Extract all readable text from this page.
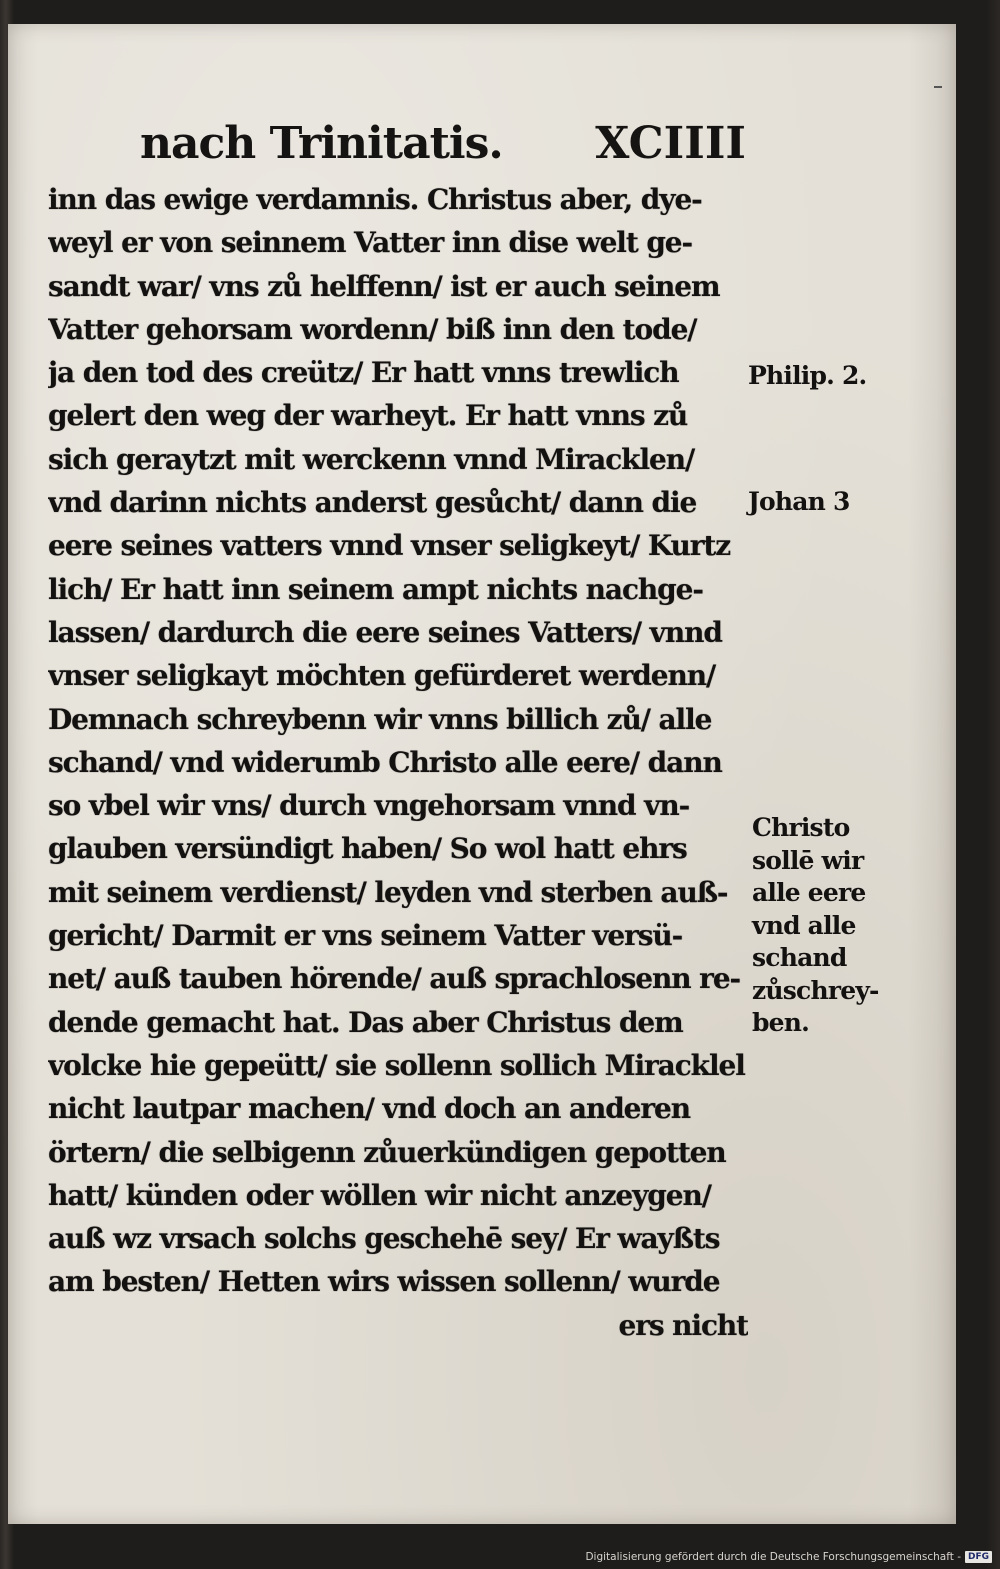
nach Trinitatis. XCIIII
inn das ewige verdamnis. Christus aber, dye-
weyl er von seinnem Vatter inn dise welt ge-
sandt war/ vns zů helffenn/ ist er auch seinem
Vatter gehorsam wordenn/ biß inn den tode/
ja den tod des creütz/ Er hatt vnns trewlich
gelert den weg der warheyt. Er hatt vnns zů
sich geraytzt mit werckenn vnnd Miracklen/
vnd darinn nichts anderst gesůcht/ dann die
eere seines vatters vnnd vnser seligkeyt/ Kurtz
lich/ Er hatt inn seinem ampt nichts nachge-
lassen/ dardurch die eere seines Vatters/ vnnd
vnser seligkayt möchten gefürderet werdenn/
Demnach schreybenn wir vnns billich zů/ alle
schand/ vnd widerumb Christo alle eere/ dann
so vbel wir vns/ durch vngehorsam vnnd vn-
glauben versündigt haben/ So wol hatt ehrs
mit seinem verdienst/ leyden vnd sterben auß-
gericht/ Darmit er vns seinem Vatter versü-
net/ auß tauben hörende/ auß sprachlosenn re-
dende gemacht hat. Das aber Christus dem
volcke hie gepeütt/ sie sollenn sollich Miracklel
nicht lautpar machen/ vnd doch an anderen
örtern/ die selbigenn zůuerkündigen gepotten
hatt/ künden oder wöllen wir nicht anzeygen/
auß wz vrsach solchs geschehē sey/ Er wayßts
am besten/ Hetten wirs wissen sollenn/ wurde
ers nicht
Philip. 2.
Johan 3
Christo
sollē wir
alle eere
vnd alle
schand
zůschrey-
ben.
Digitalisierung gefördert durch die Deutsche Forschungsgemeinschaft - DFG
